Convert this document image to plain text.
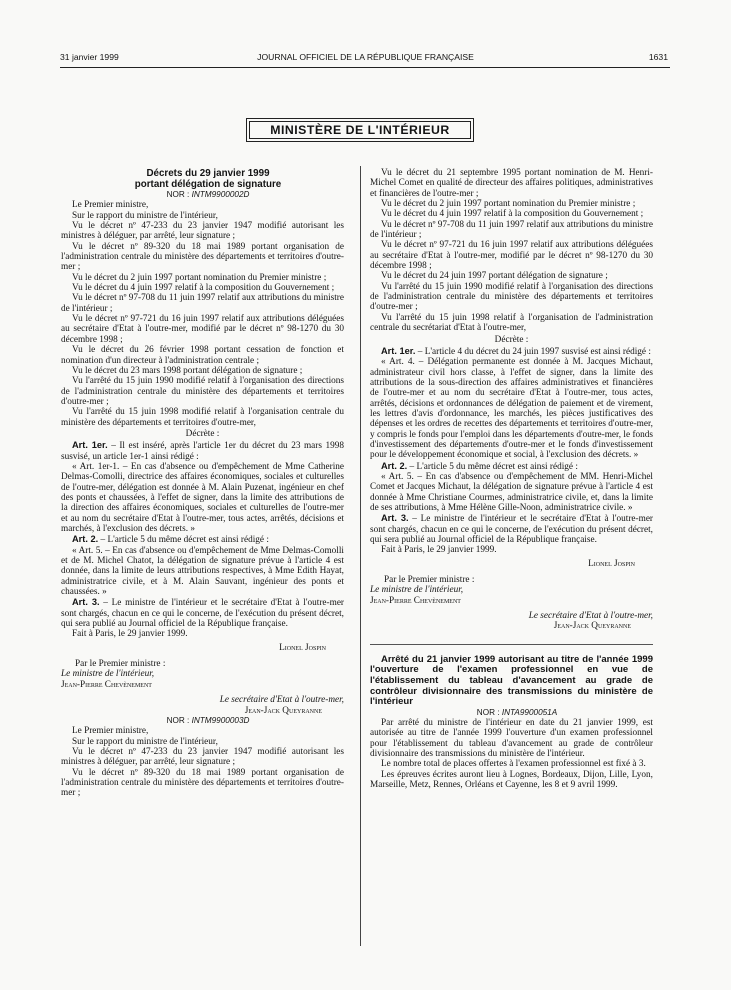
31 janvier 1999	JOURNAL OFFICIEL DE LA RÉPUBLIQUE FRANÇAISE	1631
MINISTÈRE DE L'INTÉRIEUR

Décrets du 29 janvier 1999

portant délégation de signature

NOR : INTM9900002D

Le Premier ministre,

Sur le rapport du ministre de l'intérieur,

Vu le décret nº 47-233 du 23 janvier 1947 modifié autorisant les ministres à déléguer, par arrêté, leur signature ;

Vu le décret nº 89-320 du 18 mai 1989 portant organisation de l'administration centrale du ministère des départements et territoires d'outre-mer ;

Vu le décret du 2 juin 1997 portant nomination du Premier ministre ;

Vu le décret du 4 juin 1997 relatif à la composition du Gouvernement ;

Vu le décret nº 97-708 du 11 juin 1997 relatif aux attributions du ministre de l'intérieur ;

Vu le décret nº 97-721 du 16 juin 1997 relatif aux attributions déléguées au secrétaire d'Etat à l'outre-mer, modifié par le décret nº 98-1270 du 30 décembre 1998 ;

Vu le décret du 26 février 1998 portant cessation de fonction et nomination d'un directeur à l'administration centrale ;

Vu le décret du 23 mars 1998 portant délégation de signature ;

Vu l'arrêté du 15 juin 1990 modifié relatif à l'organisation des directions de l'administration centrale du ministère des départements et territoires d'outre-mer ;

Vu l'arrêté du 15 juin 1998 modifié relatif à l'organisation centrale du ministère des départements et territoires d'outre-mer,

Décrète :

Art. 1er. – Il est inséré, après l'article 1er du décret du 23 mars 1998 susvisé, un article 1er-1 ainsi rédigé :

« Art. 1er-1. – En cas d'absence ou d'empêchement de Mme Catherine Delmas-Comolli, directrice des affaires économiques, sociales et culturelles de l'outre-mer, délégation est donnée à M. Alain Puzenat, ingénieur en chef des ponts et chaussées, à l'effet de signer, dans la limite des attributions de la direction des affaires économiques, sociales et culturelles de l'outre-mer et au nom du secrétaire d'Etat à l'outre-mer, tous actes, arrêtés, décisions et marchés, à l'exclusion des décrets. »

Art. 2. – L'article 5 du même décret est ainsi rédigé :

« Art. 5. – En cas d'absence ou d'empêchement de Mme Delmas-Comolli et de M. Michel Chatot, la délégation de signature prévue à l'article 4 est donnée, dans la limite de leurs attributions respectives, à Mme Edith Hayat, administratrice civile, et à M. Alain Sauvant, ingénieur des ponts et chaussées. »

Art. 3. – Le ministre de l'intérieur et le secrétaire d'Etat à l'outre-mer sont chargés, chacun en ce qui le concerne, de l'exécution du présent décret, qui sera publié au Journal officiel de la République française.

Fait à Paris, le 29 janvier 1999.

Lionel Jospin

Par le Premier ministre :

Le ministre de l'intérieur,

Jean-Pierre Chevènement

Le secrétaire d'Etat à l'outre-mer,

Jean-Jack Queyranne

NOR : INTM9900003D

Le Premier ministre,

Sur le rapport du ministre de l'intérieur,

Vu le décret nº 47-233 du 23 janvier 1947 modifié autorisant les ministres à déléguer, par arrêté, leur signature ;

Vu le décret nº 89-320 du 18 mai 1989 portant organisation de l'administration centrale du ministère des départements et territoires d'outre-mer ;

Vu le décret du 21 septembre 1995 portant nomination de M. Henri-Michel Comet en qualité de directeur des affaires politiques, administratives et financières de l'outre-mer ;

Vu le décret du 2 juin 1997 portant nomination du Premier ministre ;

Vu le décret du 4 juin 1997 relatif à la composition du Gouvernement ;

Vu le décret nº 97-708 du 11 juin 1997 relatif aux attributions du ministre de l'intérieur ;

Vu le décret nº 97-721 du 16 juin 1997 relatif aux attributions déléguées au secrétaire d'Etat à l'outre-mer, modifié par le décret nº 98-1270 du 30 décembre 1998 ;

Vu le décret du 24 juin 1997 portant délégation de signature ;

Vu l'arrêté du 15 juin 1990 modifié relatif à l'organisation des directions de l'administration centrale du ministère des départements et territoires d'outre-mer ;

Vu l'arrêté du 15 juin 1998 relatif à l'organisation de l'administration centrale du secrétariat d'Etat à l'outre-mer,

Décrète :

Art. 1er. – L'article 4 du décret du 24 juin 1997 susvisé est ainsi rédigé :

« Art. 4. – Délégation permanente est donnée à M. Jacques Michaut, administrateur civil hors classe, à l'effet de signer, dans la limite des attributions de la sous-direction des affaires administratives et financières de l'outre-mer et au nom du secrétaire d'Etat à l'outre-mer, tous actes, arrêtés, décisions et ordonnances de délégation de paiement et de virement, les lettres d'avis d'ordonnance, les marchés, les pièces justificatives des dépenses et les ordres de recettes des départements et territoires d'outre-mer, y compris le fonds pour l'emploi dans les départements d'outre-mer, le fonds d'investissement des départements d'outre-mer et le fonds d'investissement pour le développement économique et social, à l'exclusion des décrets. »

Art. 2. – L'article 5 du même décret est ainsi rédigé :

« Art. 5. – En cas d'absence ou d'empêchement de MM. Henri-Michel Comet et Jacques Michaut, la délégation de signature prévue à l'article 4 est donnée à Mme Christiane Courmes, administratrice civile, et, dans la limite de ses attributions, à Mme Hélène Gille-Noon, administratrice civile. »

Art. 3. – Le ministre de l'intérieur et le secrétaire d'Etat à l'outre-mer sont chargés, chacun en ce qui le concerne, de l'exécution du présent décret, qui sera publié au Journal officiel de la République française.

Fait à Paris, le 29 janvier 1999.

Lionel Jospin

Par le Premier ministre :

Le ministre de l'intérieur,

Jean-Pierre Chevènement

Le secrétaire d'Etat à l'outre-mer,

Jean-Jack Queyranne

Arrêté du 21 janvier 1999 autorisant au titre de l'année 1999 l'ouverture de l'examen professionnel en vue de l'établissement du tableau d'avancement au grade de contrôleur divisionnaire des transmissions du ministère de l'intérieur

NOR : INTA9900051A

Par arrêté du ministre de l'intérieur en date du 21 janvier 1999, est autorisée au titre de l'année 1999 l'ouverture d'un examen professionnel pour l'établissement du tableau d'avancement au grade de contrôleur divisionnaire des transmissions du ministère de l'intérieur.

Le nombre total de places offertes à l'examen professionnel est fixé à 3.

Les épreuves écrites auront lieu à Lognes, Bordeaux, Dijon, Lille, Lyon, Marseille, Metz, Rennes, Orléans et Cayenne, les 8 et 9 avril 1999.
